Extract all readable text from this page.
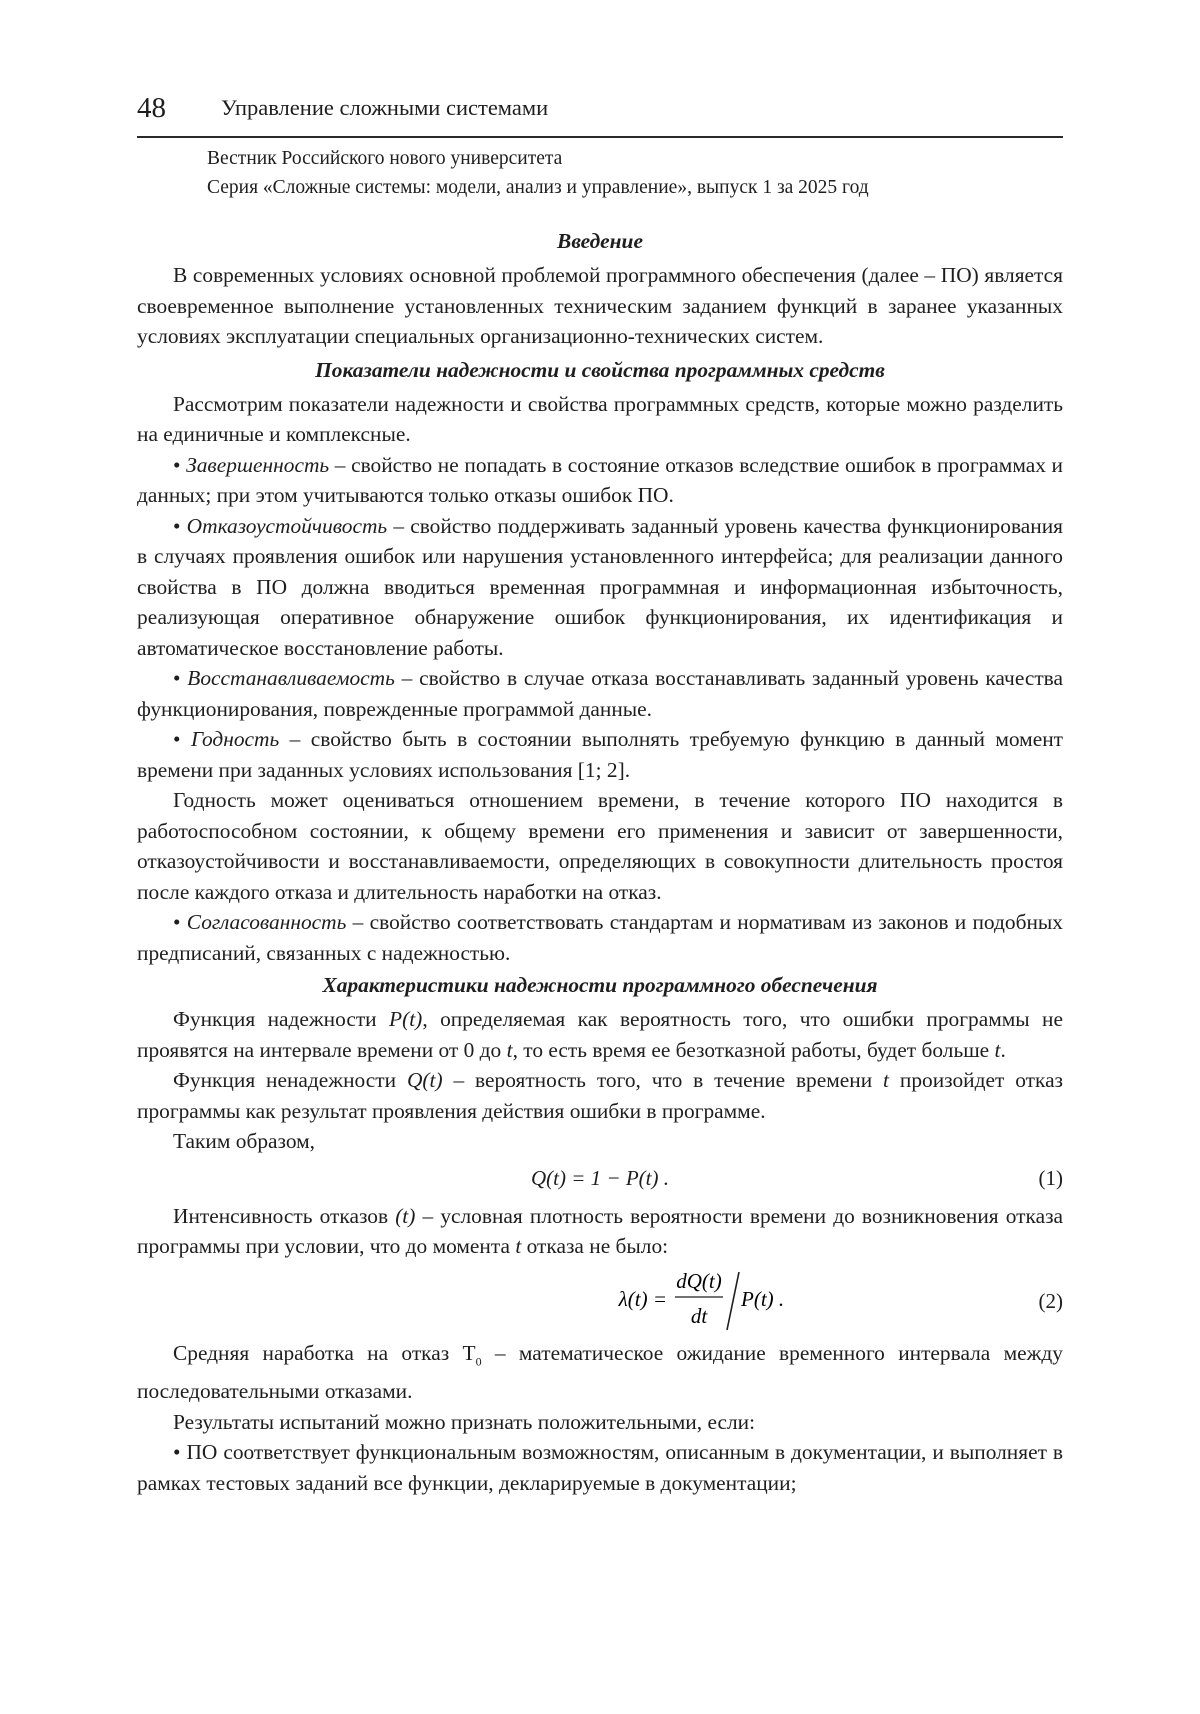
48 Управление сложными системами
Вестник Российского нового университета
Серия «Сложные системы: модели, анализ и управление», выпуск 1 за 2025 год
Введение

В современных условиях основной проблемой программного обеспечения (далее – ПО) является своевременное выполнение установленных техническим заданием функций в заранее указанных условиях эксплуатации специальных организационно-технических систем.

Показатели надежности и свойства программных средств

Рассмотрим показатели надежности и свойства программных средств, которые можно разделить на единичные и комплексные.

• Завершенность – свойство не попадать в состояние отказов вследствие ошибок в программах и данных; при этом учитываются только отказы ошибок ПО.

• Отказоустойчивость – свойство поддерживать заданный уровень качества функционирования в случаях проявления ошибок или нарушения установленного интерфейса; для реализации данного свойства в ПО должна вводиться временная программная и информационная избыточность, реализующая оперативное обнаружение ошибок функционирования, их идентификация и автоматическое восстановление работы.

• Восстанавливаемость – свойство в случае отказа восстанавливать заданный уровень качества функционирования, поврежденные программой данные.

• Годность – свойство быть в состоянии выполнять требуемую функцию в данный момент времени при заданных условиях использования [1; 2].

Годность может оцениваться отношением времени, в течение которого ПО находится в работоспособном состоянии, к общему времени его применения и зависит от завершенности, отказоустойчивости и восстанавливаемости, определяющих в совокупности длительность простоя после каждого отказа и длительность наработки на отказ.

• Согласованность – свойство соответствовать стандартам и нормативам из законов и подобных предписаний, связанных с надежностью.

Характеристики надежности программного обеспечения

Функция надежности P(t), определяемая как вероятность того, что ошибки программы не проявятся на интервале времени от 0 до t, то есть время ее безотказной работы, будет больше t.

Функция ненадежности Q(t) – вероятность того, что в течение времени t произойдет отказ программы как результат проявления действия ошибки в программе.

Таким образом,

Q(t) = 1 − P(t) .	(1)

Интенсивность отказов (t) – условная плотность вероятности времени до возникновения отказа программы при условии, что до момента t отказа не было:

λ(t) =
dQ(t)
dt
P(t) .	(2)

Средняя наработка на отказ $T_0$ – математическое ожидание временного интервала между последовательными отказами.

Результаты испытаний можно признать положительными, если:

• ПО соответствует функциональным возможностям, описанным в документации, и выполняет в рамках тестовых заданий все функции, декларируемые в документации;
